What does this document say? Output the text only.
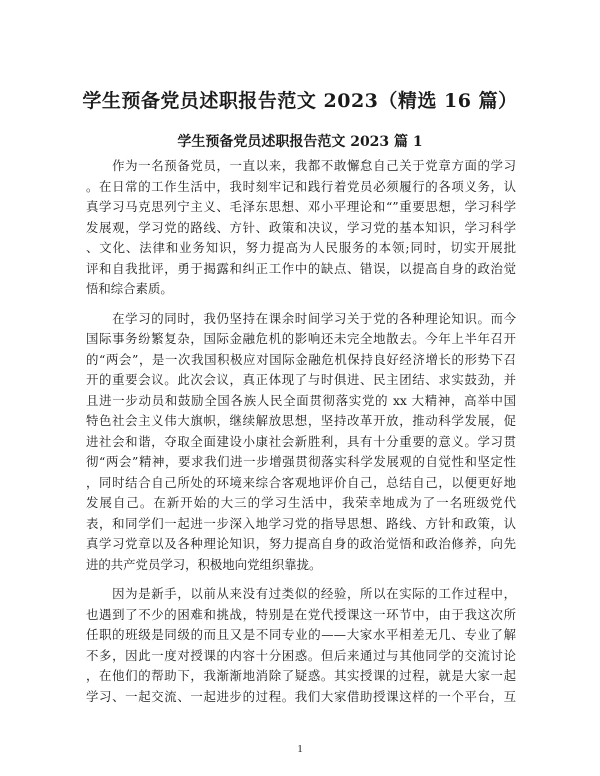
学生预备党员述职报告范文 2023（精选 16 篇）
学生预备党员述职报告范文 2023 篇 1
　　作为一名预备党员，一直以来，我都不敢懈怠自己关于党章方面的学习
。在日常的工作生活中，我时刻牢记和践行着党员必须履行的各项义务，认
真学习马克思列宁主义、毛泽东思想、邓小平理论和“”重要思想，学习科学
发展观，学习党的路线、方针、政策和决议，学习党的基本知识，学习科学
、文化、法律和业务知识，努力提高为人民服务的本领;同时，切实开展批
评和自我批评，勇于揭露和纠正工作中的缺点、错误，以提高自身的政治觉
悟和综合素质。
　　在学习的同时，我仍坚持在课余时间学习关于党的各种理论知识。而今
国际事务纷繁复杂，国际金融危机的影响还未完全地散去。今年上半年召开
的“两会”，是一次我国积极应对国际金融危机保持良好经济增长的形势下召
开的重要会议。此次会议，真正体现了与时俱进、民主团结、求实鼓劲，并
且进一步动员和鼓励全国各族人民全面贯彻落实党的 xx 大精神，高举中国
特色社会主义伟大旗帜，继续解放思想，坚持改革开放，推动科学发展，促
进社会和谐，夺取全面建设小康社会新胜利，具有十分重要的意义。学习贯
彻“两会”精神，要求我们进一步增强贯彻落实科学发展观的自觉性和坚定性
，同时结合自己所处的环境来综合客观地评价自己，总结自己，以便更好地
发展自己。在新开始的大三的学习生活中，我荣幸地成为了一名班级党代
表，和同学们一起进一步深入地学习党的指导思想、路线、方针和政策，认
真学习党章以及各种理论知识，努力提高自身的政治觉悟和政治修养，向先
进的共产党员学习，积极地向党组织靠拢。
　　因为是新手，以前从来没有过类似的经验，所以在实际的工作过程中，
也遇到了不少的困难和挑战，特别是在党代授课这一环节中，由于我这次所
任职的班级是同级的而且又是不同专业的——大家水平相差无几、专业了解
不多，因此一度对授课的内容十分困惑。但后来通过与其他同学的交流讨论
，在他们的帮助下，我渐渐地消除了疑惑。其实授课的过程，就是大家一起
学习、一起交流、一起进步的过程。我们大家借助授课这样的一个平台，互
1
